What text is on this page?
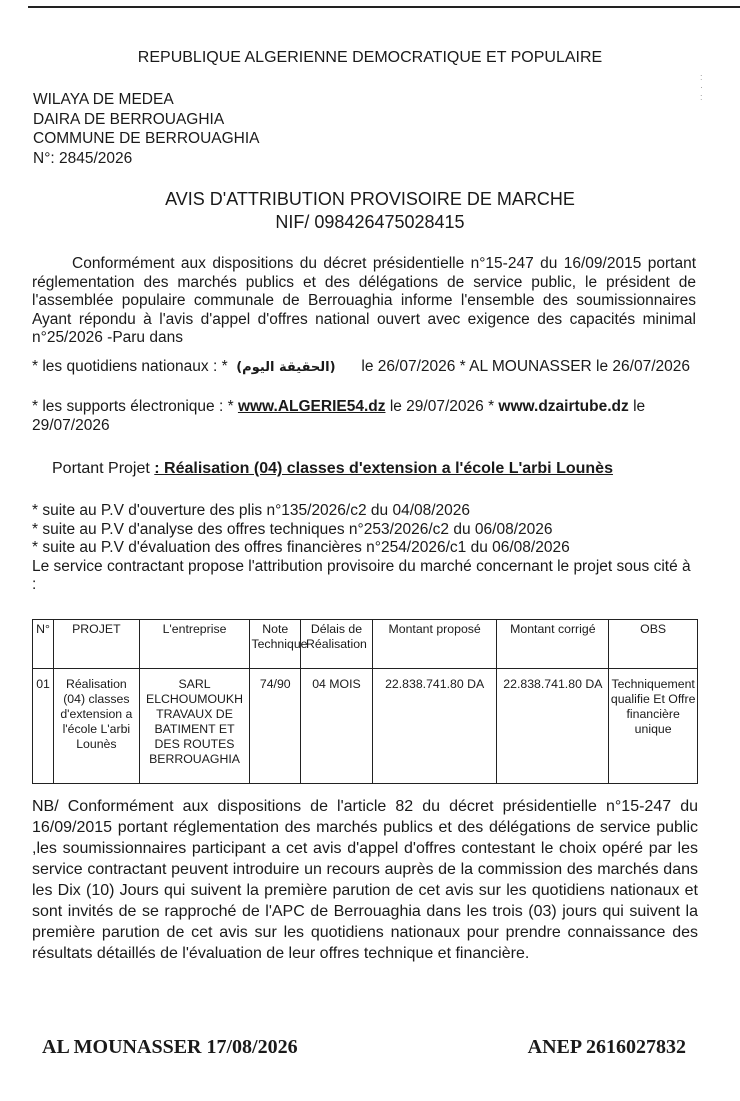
:
·
:
REPUBLIQUE ALGERIENNE DEMOCRATIQUE ET POPULAIRE
WILAYA DE MEDEA
DAIRA DE BERROUAGHIA
COMMUNE DE BERROUAGHIA
N°: 2845/2026
AVIS D'ATTRIBUTION PROVISOIRE DE MARCHE
NIF/ 098426475028415
Conformément aux dispositions du décret présidentielle n°15-247 du 16/09/2015 portant réglementation des marchés publics et des délégations de service public, le président de l'assemblée populaire communale de Berrouaghia informe l'ensemble des soumissionnaires Ayant répondu à l'avis d'appel d'offres national ouvert avec exigence des capacités minimal n°25/2026 -Paru dans
* les quotidiens nationaux : * (الحقيقة اليوم) le 26/07/2026 * AL MOUNASSER le 26/07/2026
* les supports électronique : * www.ALGERIE54.dz le 29/07/2026 * www.dzairtube.dz le 29/07/2026
Portant Projet : Réalisation (04) classes d'extension a l'école L'arbi Lounès
* suite au P.V d'ouverture des plis n°135/2026/c2 du 04/08/2026
* suite au P.V d'analyse des offres techniques n°253/2026/c2 du 06/08/2026
* suite au P.V d'évaluation des offres financières n°254/2026/c1 du 06/08/2026
Le service contractant propose l'attribution provisoire du marché concernant le projet sous cité à :
N°	PROJET	L'entreprise	Note Technique	Délais de Réalisation	Montant proposé	Montant corrigé	OBS
01	Réalisation (04) classes d'extension a l'école L'arbi Lounès	SARL ELCHOUMOUKH TRAVAUX DE BATIMENT ET DES ROUTES BERROUAGHIA	74/90	04 MOIS	22.838.741.80 DA	22.838.741.80 DA	Techniquement qualifie Et Offre financière unique
NB/ Conformément aux dispositions de l'article 82 du décret présidentielle n°15-247 du 16/09/2015 portant réglementation des marchés publics et des délégations de service public ,les soumissionnaires participant a cet avis d'appel d'offres contestant le choix opéré par les service contractant peuvent introduire un recours auprès de la commission des marchés dans les Dix (10) Jours qui suivent la première parution de cet avis sur les quotidiens nationaux et sont invités de se rapproché de l'APC de Berrouaghia dans les trois (03) jours qui suivent la première parution de cet avis sur les quotidiens nationaux pour prendre connaissance des résultats détaillés de l'évaluation de leur offres technique et financière.
AL MOUNASSER 17/08/2026	ANEP 2616027832
